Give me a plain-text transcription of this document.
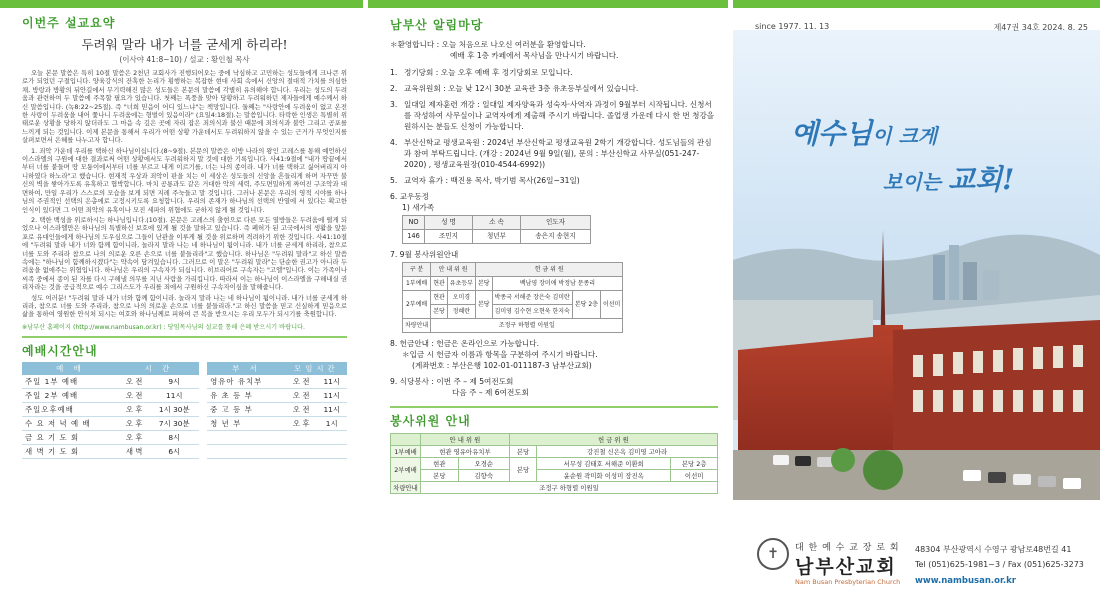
이번주 설교요약
두려워 말라 내가 너를 굳세게 하리라!
(이사야 41:8~10) / 설교 : 황인철 목사

오늘 본문 말씀은 특히 10절 말씀은 2천년 교회사가 진행되어오는 중에 낙심하고 고민하는 성도들에게 크나큰 위로가 되었던 구절입니다. 양육강식의 잔혹한 논리가 횡행하는 복잡한 현대 사회 속에서 신앙의 절대적 가치를 의심한 채, 방랑과 방황의 뒤안길에서 무기력해진 많은 성도들은 본문의 말씀에 각별히 유의해야 합니다. 우리는 성도의 두려움과 관련하여 두 말씀에 주목할 필요가 있습니다. 첫째는 폭풍을 맞아 당황하고 두려워하던 제자들에게 예수께서 하신 말씀입니다. (녹8:22~25절). 즉 "너희 믿음이 어디 있느냐"는 책망입니다. 둘째는 "사랑안에 두려움이 없고 온전한 사랑이 두려움을 내어 쫓나니 두려움에는 형벌이 있음이라" (요일4:18절).는 말씀입니다. 타락한 인생은 특별히 위태로운 상황을 당하지 않더라도 그 마음 속 깊은 곳에 자리 잡은 죄의식과 불신 때문에 죄의식과 불안 그리고 공포를 느끼게 되는 것입니다. 이제 본문을 통해서 우리가 어떤 상황 가운데서도 두려워하지 않을 수 있는 근거가 무엇인지를 살펴보면서 은혜를 나누고자 합니다.

1. 죄악 가운데 우리를 택하신 하나님이십니다.(8~9절). 본문의 말씀은 이방 나라의 왕인 고레스를 통해 예언하신 이스라엘의 구원에 대한 결과로써 어떤 상황에서도 두려워하지 말 것에 대한 기록입니다. 사41:9절에 "내가 땅끝에서부터 너를 붙들며 땅 모퉁이에서부터 너를 부르고 내게 이르기를, 너는 나의 종이라. 내가 너를 택하고 싫어버리지 아니하였다 하노라"고 했습니다. 현재적 우상과 죄악이 판을 치는 이 세상은 성도들의 신앙을 흔들리게 하며 자꾸만 불신의 벽을 쌓아가도록 유혹하고 협박합니다. 마치 공룡과도 같은 거대한 악의 세력, 주도면밀하게 짜여진 구조악과 대면하여, 만일 우리가 스스로의 모습을 보게 되면 지레 주눅들고 말 것입니다. 그러나 본문은 우리의 영적 시야를 하나님의 주권적인 선택의 은총에로 고정시키도록 요청합니다. 우리의 존재가 하나님의 선택의 반열에 서 있다는 확고한 인식이 있다면 그 어떤 죄악의 유혹이나 모진 세파의 위협에도 굳하지 않게 될 것입니다.

2. 택한 백성을 위로하시는 하나님입니다.(10절). 본문은 고레스의 출현으로 다른 모든 열방들은 두려움에 떨게 되었으나 이스라엘만은 하나님의 특별하신 보호에 있게 될 것을 말하고 있습니다. 즉 폐허가 된 고국에서의 생활을 앞둔 포로 유대인들에게 하나님의 도우심으로 그들이 난관을 이루게 될 것을 위로하며 격려하기 위한 것입니다. 사41:10절에 "두려워 말라 내가 너와 함께 함이니라, 놀라지 말라 나는 네 하나님이 됨이니라. 내가 너를 굳세게 하리라, 참으로 너를 도와 주리라 참으로 나의 의로운 오른 손으로 너를 붙들리라"고 했습니다. 하나님은 "두려워 말라"고 하신 말씀속에는 "하나님이 함께하시겠다"는 약속이 담겨있습니다. 그러므로 이 말은 "두려워 말라"는 단순한 권고가 아니라 두려움을 없애주는 위협입니다. 하나님은 우리의 구속자가 되십니다. 히브리어로 구속자는 "고엘"입니다. 이는 가족이나 씨족 중에서 종이 된 자를 다시 구해낼 의무를 지닌 사람을 가리킵니다. 따라서 이는 하나님이 이스라엘을 구해내실 권리자라는 것을 공급적으로 예수 그리스도가 우리를 죄에서 구원하신 구속자이심을 말해줍니다.

성도 여러분! "두려워 말라 내가 너와 함께 함이니라. 놀라지 말라 나는 네 하나님이 됨이니라. 내가 너를 굳세게 하리라, 참으로 너를 도와 주리라, 참으로 나의 의로운 손으로 너를 붙들리라."고 하신 말씀을 믿고 신실하게 믿음으로 삶을 통하여 영원한 안식처 되시는 여호와 하나님께로 피하여 큰 복을 받으시는 우리 모두가 되시기를 축원합니다.

※남부산 홈페이지 (http://www.nambusan.or.kr) : 당임목사님의 설교를 통해 은혜 받으시기 바랍니다.
예배시간안내
예 배	시 간			부 서	모임시간	
주일 1부 예배	오 전	9시		영유아 유치부	오 전	11시
주일 2부 예배	오 전	11시		유 초 등 부	오 전	11시
주일오후예배	오 후	1시 30분		중 고 등 부	오 전	11시
수 요 저 녁 예 배	오 후	7시 30분		청 년 부	오 후	1시
금 요 기 도 회	오 후	8시				
새 벽 기 도 회	새 벽	6시				
남부산 알림마당
＊환영합니다 : 오늘 처음으로 나오신 여러분을 환영합니다.
예배 후 1층 카페에서 목사님을 만나시기 바랍니다.
1. 정기당회 : 오늘 오후 예배 후 정기당회로 모입니다.
2. 교육위원회 : 오늘 낮 12시 30분 교육관 3층 유초등부실에서 있습니다.
3. 일대일 제자훈련 개강 : 일대일 제자양육과 성숙자·사역자 과정이 9월부터 시작됩니다. 신청서를 작성하여 사무실이나 교역자에게 제출해 주시기 바랍니다. 졸업생 가운데 다시 한 번 청강을 원하시는 분들도 신청이 가능합니다.
4. 부산신학교 평생교육원 : 2024년 부산신학교 평생교육원 2학기 개강합니다. 성도님들의 관심과 참여 부탁드립니다. (개강 : 2024년 9월 9일(월), 문의 : 부산신학교 사무실(051-247-2020) , 평생교육원장(010-4544-6992))
5. 교역자 휴가 : 백진용 목사, 박기범 목사(26일~31일)
6. 교우동정
1) 새가족
NO	성 명	소 속	인도자
146	조민지	청년부	송은지 송현지
7. 9월 봉사위원안내
구 분	안 내 위 원		헌 금 위 원			
1부예배	현관	유초등부	본당	백남영 장미애 박정남 문종리		
2부예배	현관	오미경	본당	박종국 서해준 장은숙 김미란	본당 2층	이선미
	본당	정혜란		김미영 김수현 오현욱 한지숙		
차량안내	조정구 하형렬 이원일					
8. 헌금안내 : 헌금은 온라인으로 가능합니다.
＊입금 시 헌금자 이름과 항목을 구분하여 주시기 바랍니다.
(계좌번호 : 부산은행 102-01-011187-3 남부산교회)
9. 식당봉사 : 이번 주 – 제 5여전도회
다음 주 – 제 6여전도회
봉사위원 안내
	안 내 위 원		헌 금 위 원		
1부예배	현관 영유아유치부		본당	강진철 신은옥 김미영 고아라	
2부예배	현관	오경순	본당	서무성 김태호 서해준 이환희	본당 2층
	본당	김향숙		윤순원 곽미화 이성미 장진옥	이선미
차량안내	조정구 하형렬 이원일				
since 1977. 11. 13	제47권 34호 2024. 8. 25
예수님이 크게
보이는 교회!
✝	대 한 예 수 교 장 로 회
남부산교회
Nam Busan Presbyterian Church
48304 부산광역시 수영구 광남로48번길 41
Tel (051)625-1981~3 / Fax (051)625-3273
www.nambusan.or.kr
